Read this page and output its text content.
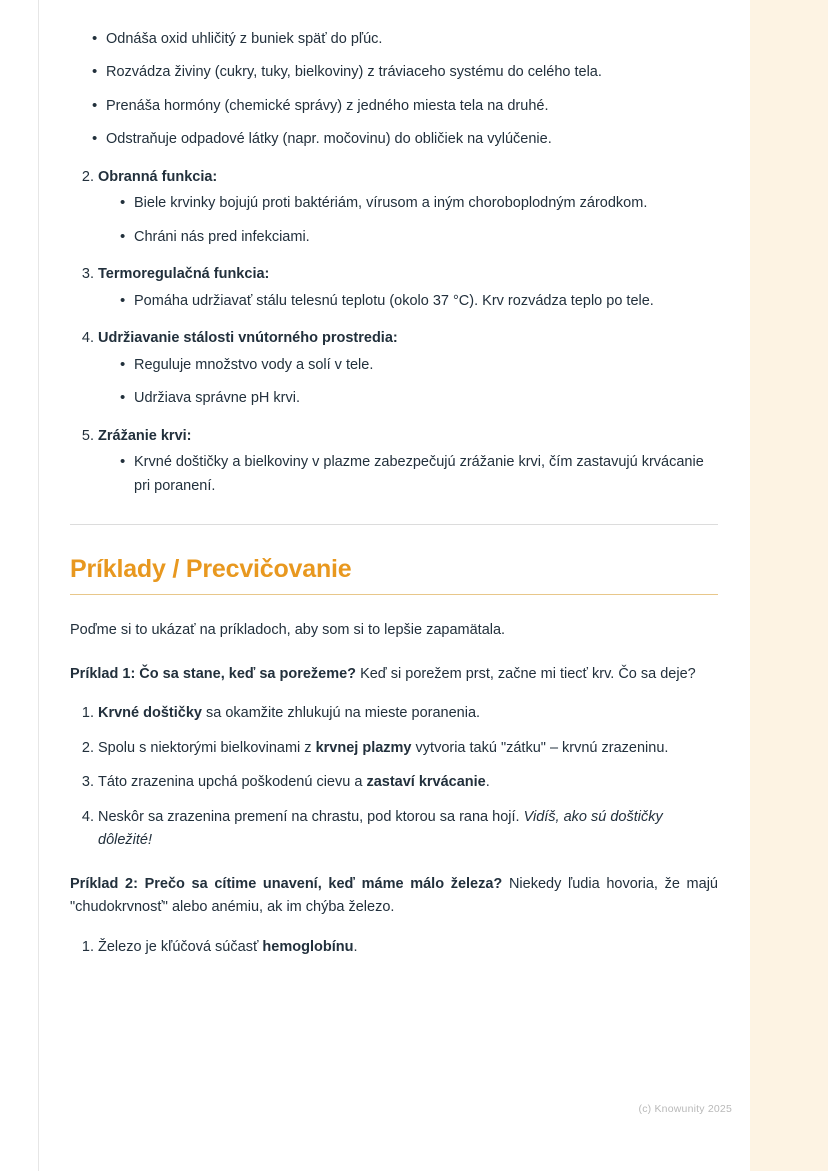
• Odnáša oxid uhličitý z buniek späť do pľúc.
• Rozvádza živiny (cukry, tuky, bielkoviny) z tráviaceho systému do celého tela.
• Prenáša hormóny (chemické správy) z jedného miesta tela na druhé.
• Odstraňuje odpadové látky (napr. močovinu) do obličiek na vylúčenie.
2. Obranná funkcia:
• Biele krvinky bojujú proti baktériám, vírusom a iným choroboplodným zárodkom.
• Chráni nás pred infekciami.
3. Termoregulačná funkcia:
• Pomáha udržiavať stálu telesnú teplotu (okolo 37 °C). Krv rozvádza teplo po tele.
4. Udržiavanie stálosti vnútorného prostredia:
• Reguluje množstvo vody a solí v tele.
• Udržiava správne pH krvi.
5. Zrážanie krvi:
• Krvné doštičky a bielkoviny v plazme zabezpečujú zrážanie krvi, čím zastavujú krvácanie pri poranení.
Príklady / Precvičovanie

Poďme si to ukázať na príkladoch, aby som si to lepšie zapamätala.

Príklad 1: Čo sa stane, keď sa porežeme? Keď si porežem prst, začne mi tiecť krv. Čo sa deje?

1. Krvné doštičky sa okamžite zhlukujú na mieste poranenia.
2. Spolu s niektorými bielkovinami z krvnej plazmy vytvoria takú "zátku" – krvnú zrazeninu.
3. Táto zrazenina upchá poškodenú cievu a zastaví krvácanie.
4. Neskôr sa zrazenina premení na chrastu, pod ktorou sa rana hojí. Vidíš, ako sú doštičky dôležité!

Príklad 2: Prečo sa cítime unavení, keď máme málo železa? Niekedy ľudia hovoria, že majú "chudokrvnosť" alebo anémiu, ak im chýba železo.

1. Železo je kľúčová súčasť hemoglobínu.
(c) Knowunity 2025
